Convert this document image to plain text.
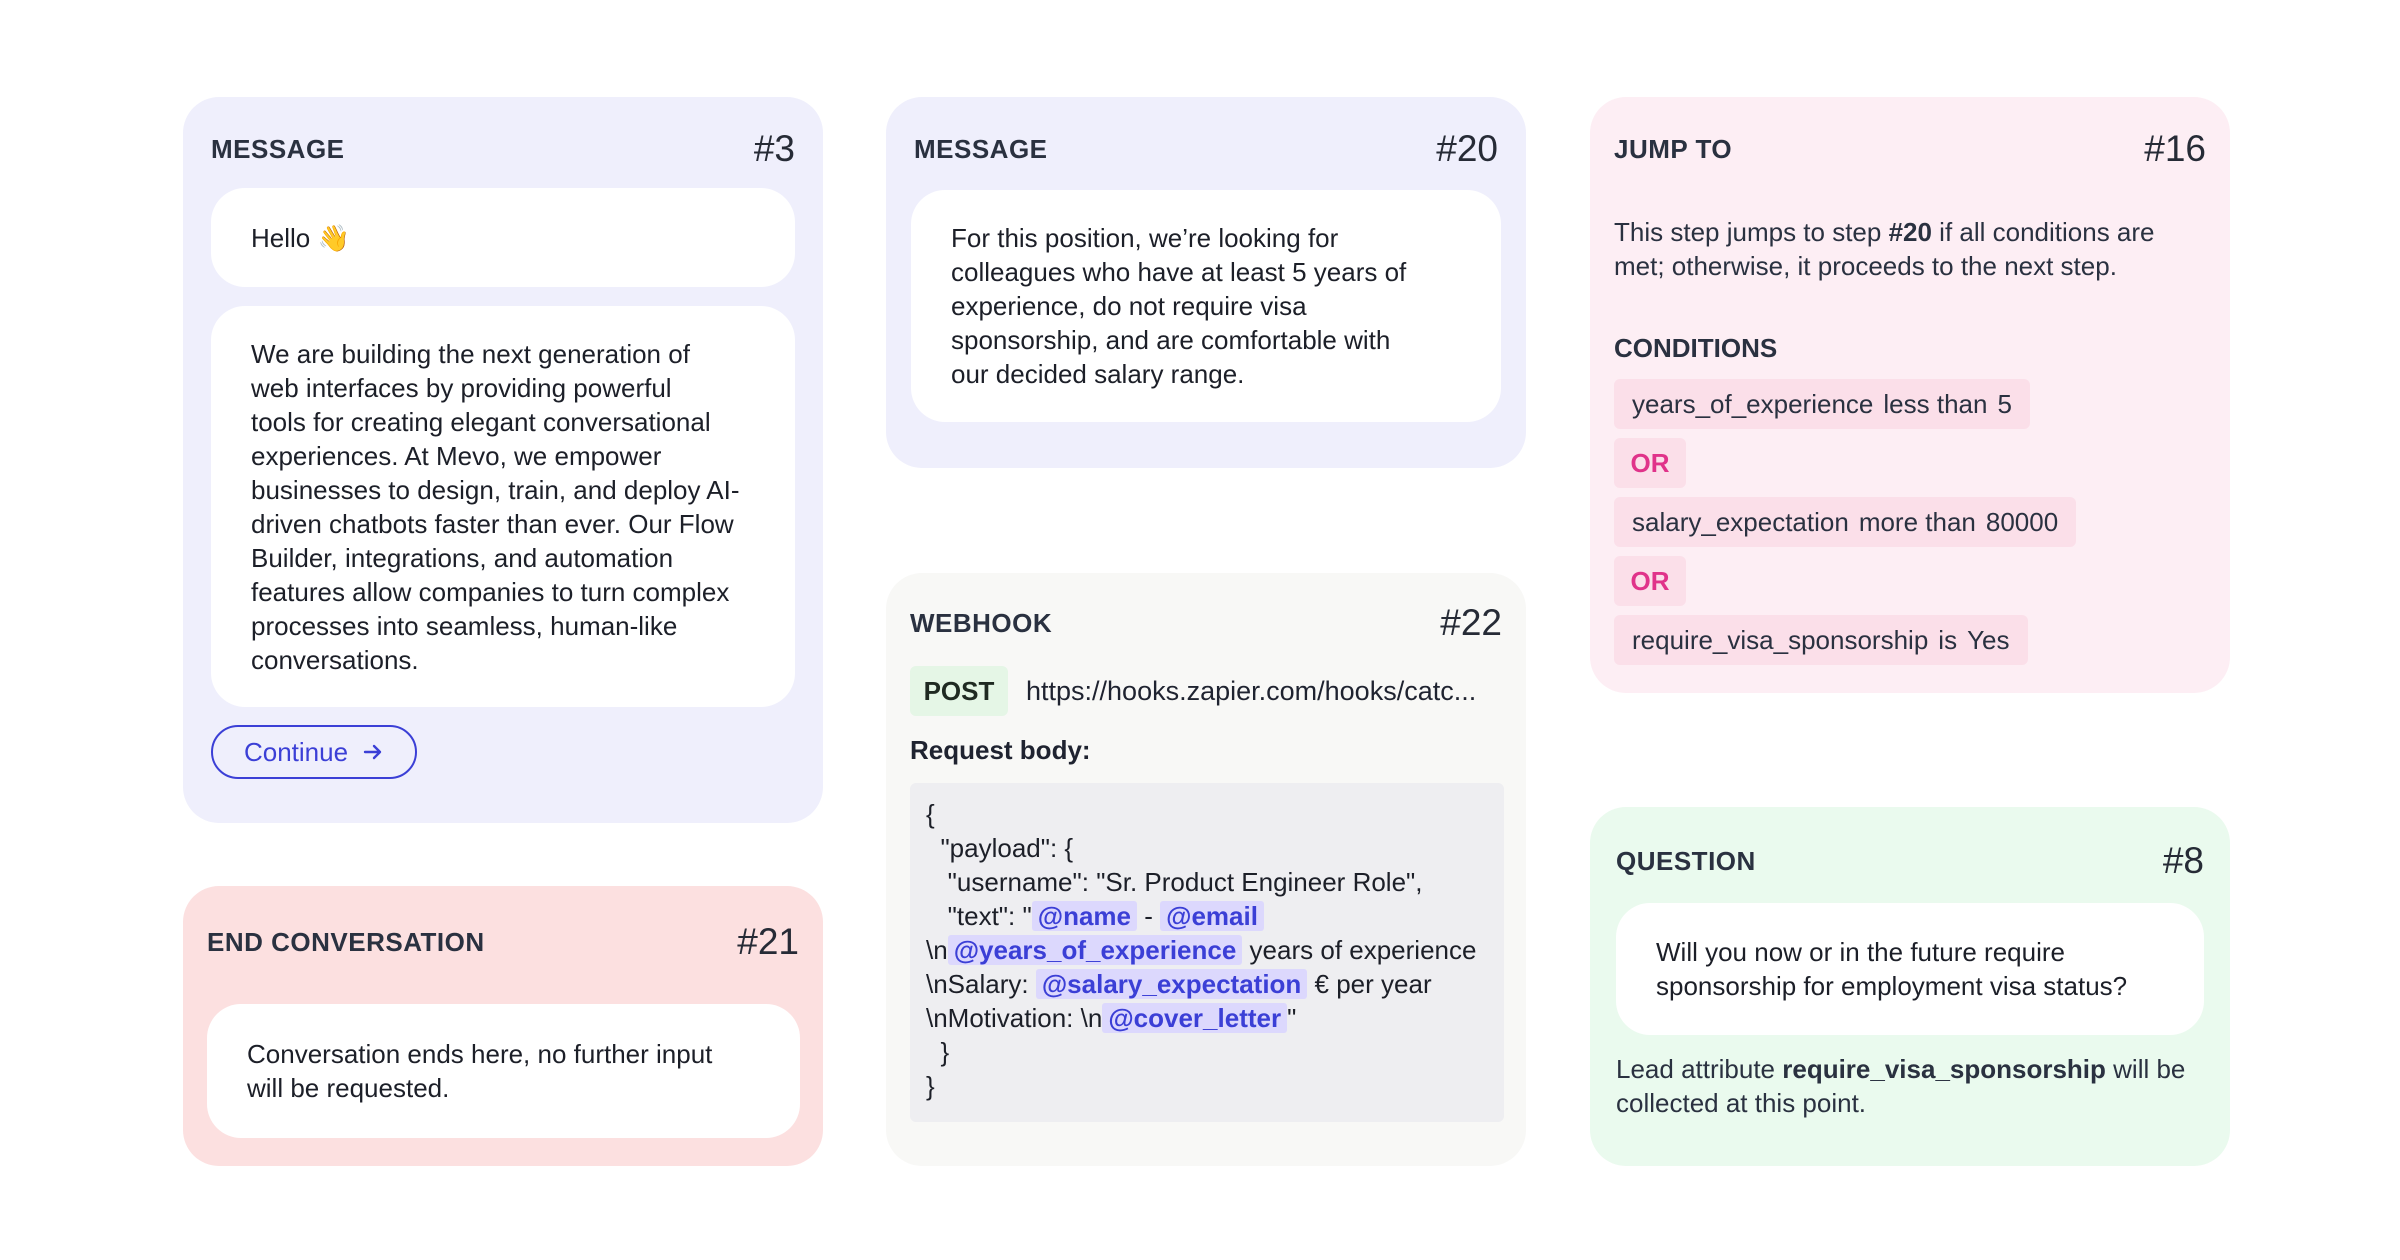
MESSAGE	#3
Hello 👋
We are building the next generation of
web interfaces by providing powerful
tools for creating elegant conversational
experiences. At Mevo, we empower
businesses to design, train, and deploy AI-
driven chatbots faster than ever. Our Flow
Builder, integrations, and automation
features allow companies to turn complex
processes into seamless, human-like
conversations.
Continue
MESSAGE	#20
For this position, we’re looking for
colleagues who have at least 5 years of
experience, do not require visa
sponsorship, and are comfortable with
our decided salary range.
JUMP TO	#16
This step jumps to step #20 if all conditions are met; otherwise, it proceeds to the next step.
CONDITIONS
years_of_experience less than 5
OR
salary_expectation more than 80000
OR
require_visa_sponsorship is Yes
END CONVERSATION	#21
Conversation ends here, no further input
will be requested.
WEBHOOK	#22
POST	https://hooks.zapier.com/hooks/catc...
Request body:
{
"payload": {
"username": "Sr. Product Engineer Role",
"text": " @name - @email
\n @years_of_experience years of experience
\nSalary: @salary_expectation € per year
\nMotivation: \n @cover_letter "
}
}
QUESTION	#8
Will you now or in the future require
sponsorship for employment visa status?
Lead attribute require_visa_sponsorship will be collected at this point.
